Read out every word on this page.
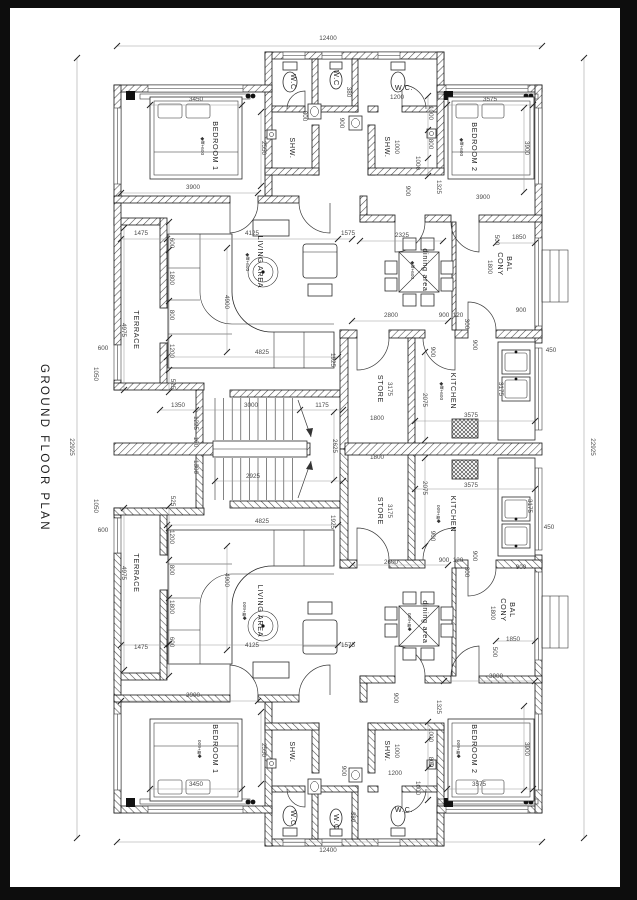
GROUND FLOOR PLAN
12400
12400
22925	22925
BEDROOM 1
◆fff+600
3450
3900
2550
W.C	W.C
380	W.C.
1200
900
800
SHW.	SHW. 1000
1000
800
1000
900	1325
BEDROOM 2
◆fff+600
3575
3900
3900
1475	4125	1575	2325	500 1850
600
1800
800
1200
525
TERRACE
4975
600
1050
LIVING AREA
◆fff+600
4900
4825
1925
dining area
◆fff+600
2800	900 120
300
900
BAL
CONY
1800
900
450
1350	3000	1175
1225
100
1300
2925
2625
STORE 3175
1800
1800
2075
900
KITCHEN
◆fff+600
3575
3175
BEDROOM 1
◆fff+600
3450
3900
2550
W.C	W.C 380
W.C.
1200
900
SHW.	SHW. 1000
1000
800
1000
900
1325
BEDROOM 2
◆fff+600
3575
3900
3900
1475	4125	1575
1850
500
600
1800
800
1200
525
TERRACE
4975
600
1050
LIVING AREA
◆fff+600
4900
4825	1925
dining area
◆fff+600
2600	900 120
300
900
BAL
CONY
1800
900
450
STORE 3175
2075
900
KITCHEN
◆fff+600
3575
3175
